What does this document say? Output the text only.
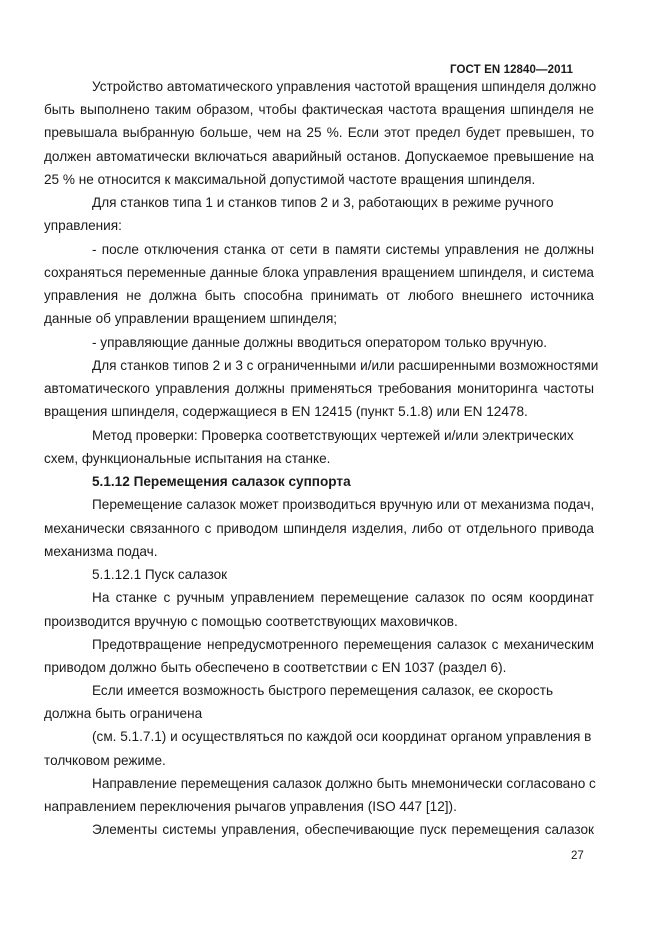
ГОСТ EN 12840—2011
Устройство автоматического управления частотой вращения шпинделя должно
быть выполнено таким образом, чтобы фактическая частота вращения шпинделя не
превышала выбранную больше, чем на 25 %. Если этот предел будет превышен, то
должен автоматически включаться аварийный останов. Допускаемое превышение на
25 % не относится к максимальной допустимой частоте вращения шпинделя.
Для станков типа 1 и станков типов 2 и 3, работающих в режиме ручного
управления:
- после отключения станка от сети в памяти системы управления не должны
сохраняться переменные данные блока управления вращением шпинделя, и система
управления не должна быть способна принимать от любого внешнего источника
данные об управлении вращением шпинделя;
- управляющие данные должны вводиться оператором только вручную.
Для станков типов 2 и 3 с ограниченными и/или расширенными возможностями
автоматического управления должны применяться требования мониторинга частоты
вращения шпинделя, содержащиеся в EN 12415 (пункт 5.1.8) или EN 12478.
Метод проверки: Проверка соответствующих чертежей и/или электрических
схем, функциональные испытания на станке.
5.1.12 Перемещения салазок суппорта
Перемещение салазок может производиться вручную или от механизма подач,
механически связанного с приводом шпинделя изделия, либо от отдельного привода
механизма подач.
5.1.12.1 Пуск салазок
На станке с ручным управлением перемещение салазок по осям координат
производится вручную с помощью соответствующих маховичков.
Предотвращение непредусмотренного перемещения салазок с механическим
приводом должно быть обеспечено в соответствии с EN 1037 (раздел 6).
Если имеется возможность быстрого перемещения салазок, ее скорость
должна быть ограничена
(см. 5.1.7.1) и осуществляться по каждой оси координат органом управления в
толчковом режиме.
Направление перемещения салазок должно быть мнемонически согласовано с
направлением переключения рычагов управления (ISO 447 [12]).
Элементы системы управления, обеспечивающие пуск перемещения салазок
27
